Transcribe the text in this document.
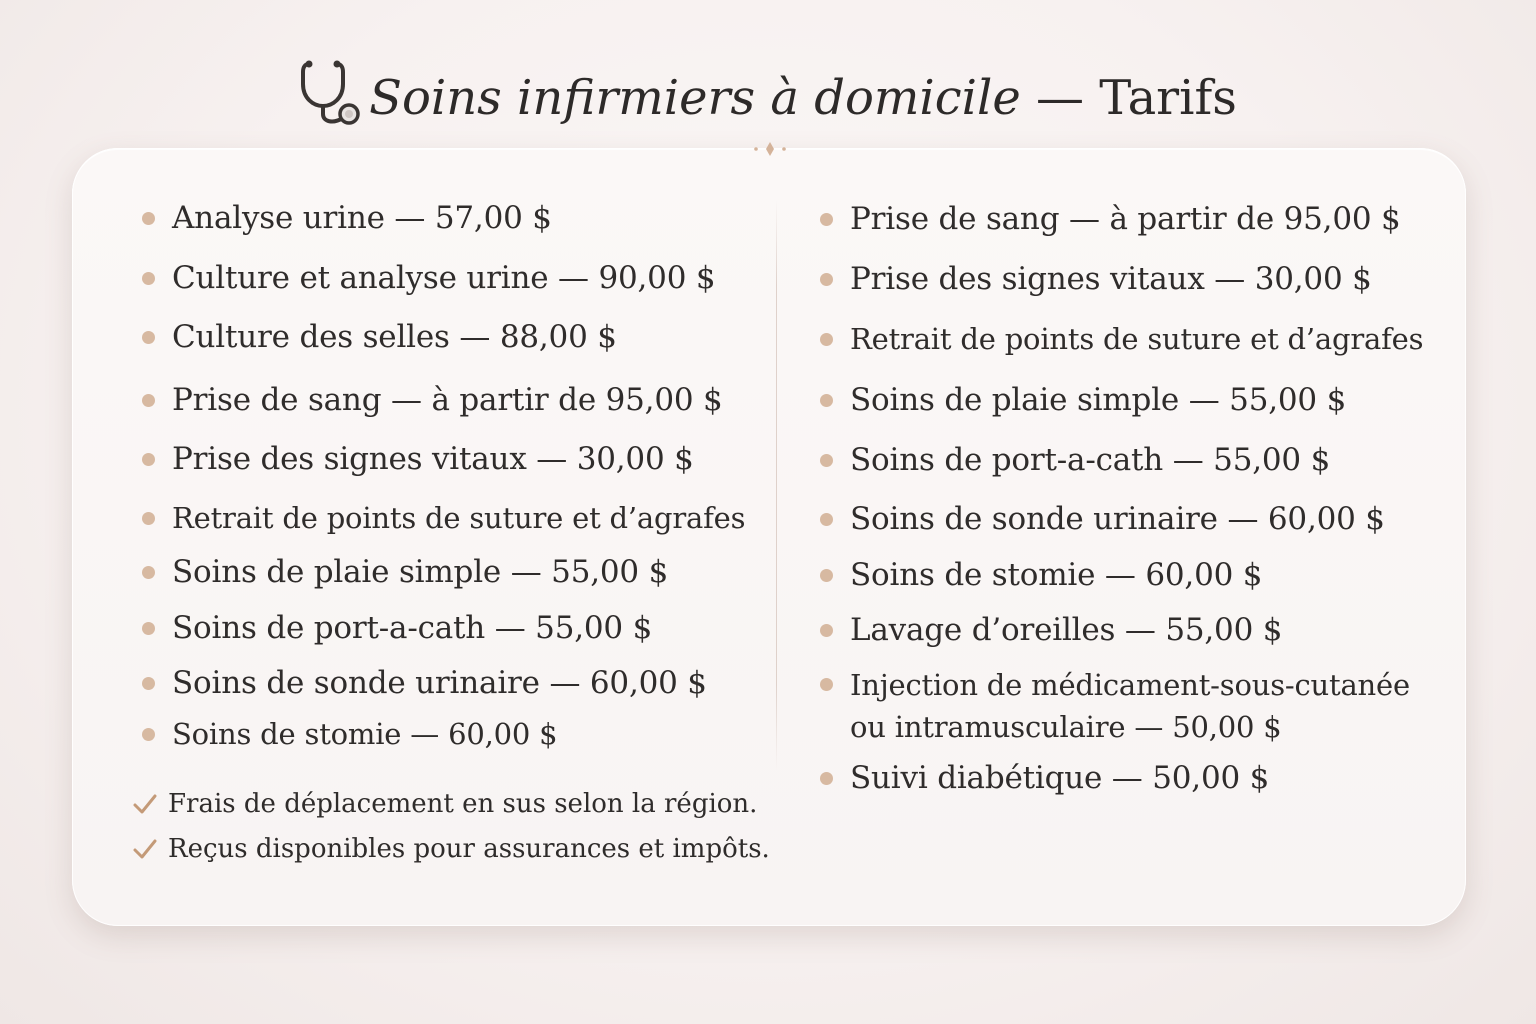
Soins infirmiers à domicile — Tarifs
Analyse urine — 57,00 $
Culture et analyse urine — 90,00 $
Culture des selles — 88,00 $
Prise de sang — à partir de 95,00 $
Prise des signes vitaux — 30,00 $
Retrait de points de suture et d’agrafes
Soins de plaie simple — 55,00 $
Soins de port-a-cath — 55,00 $
Soins de sonde urinaire — 60,00 $
Soins de stomie — 60,00 $
Frais de déplacement en sus selon la région.
Reçus disponibles pour assurances et impôts.
Prise de sang — à partir de 95,00 $
Prise des signes vitaux — 30,00 $
Retrait de points de suture et d’agrafes
Soins de plaie simple — 55,00 $
Soins de port-a-cath — 55,00 $
Soins de sonde urinaire — 60,00 $
Soins de stomie — 60,00 $
Lavage d’oreilles — 55,00 $
Injection de médicament-sous-cutanée
ou intramusculaire — 50,00 $
Suivi diabétique — 50,00 $
